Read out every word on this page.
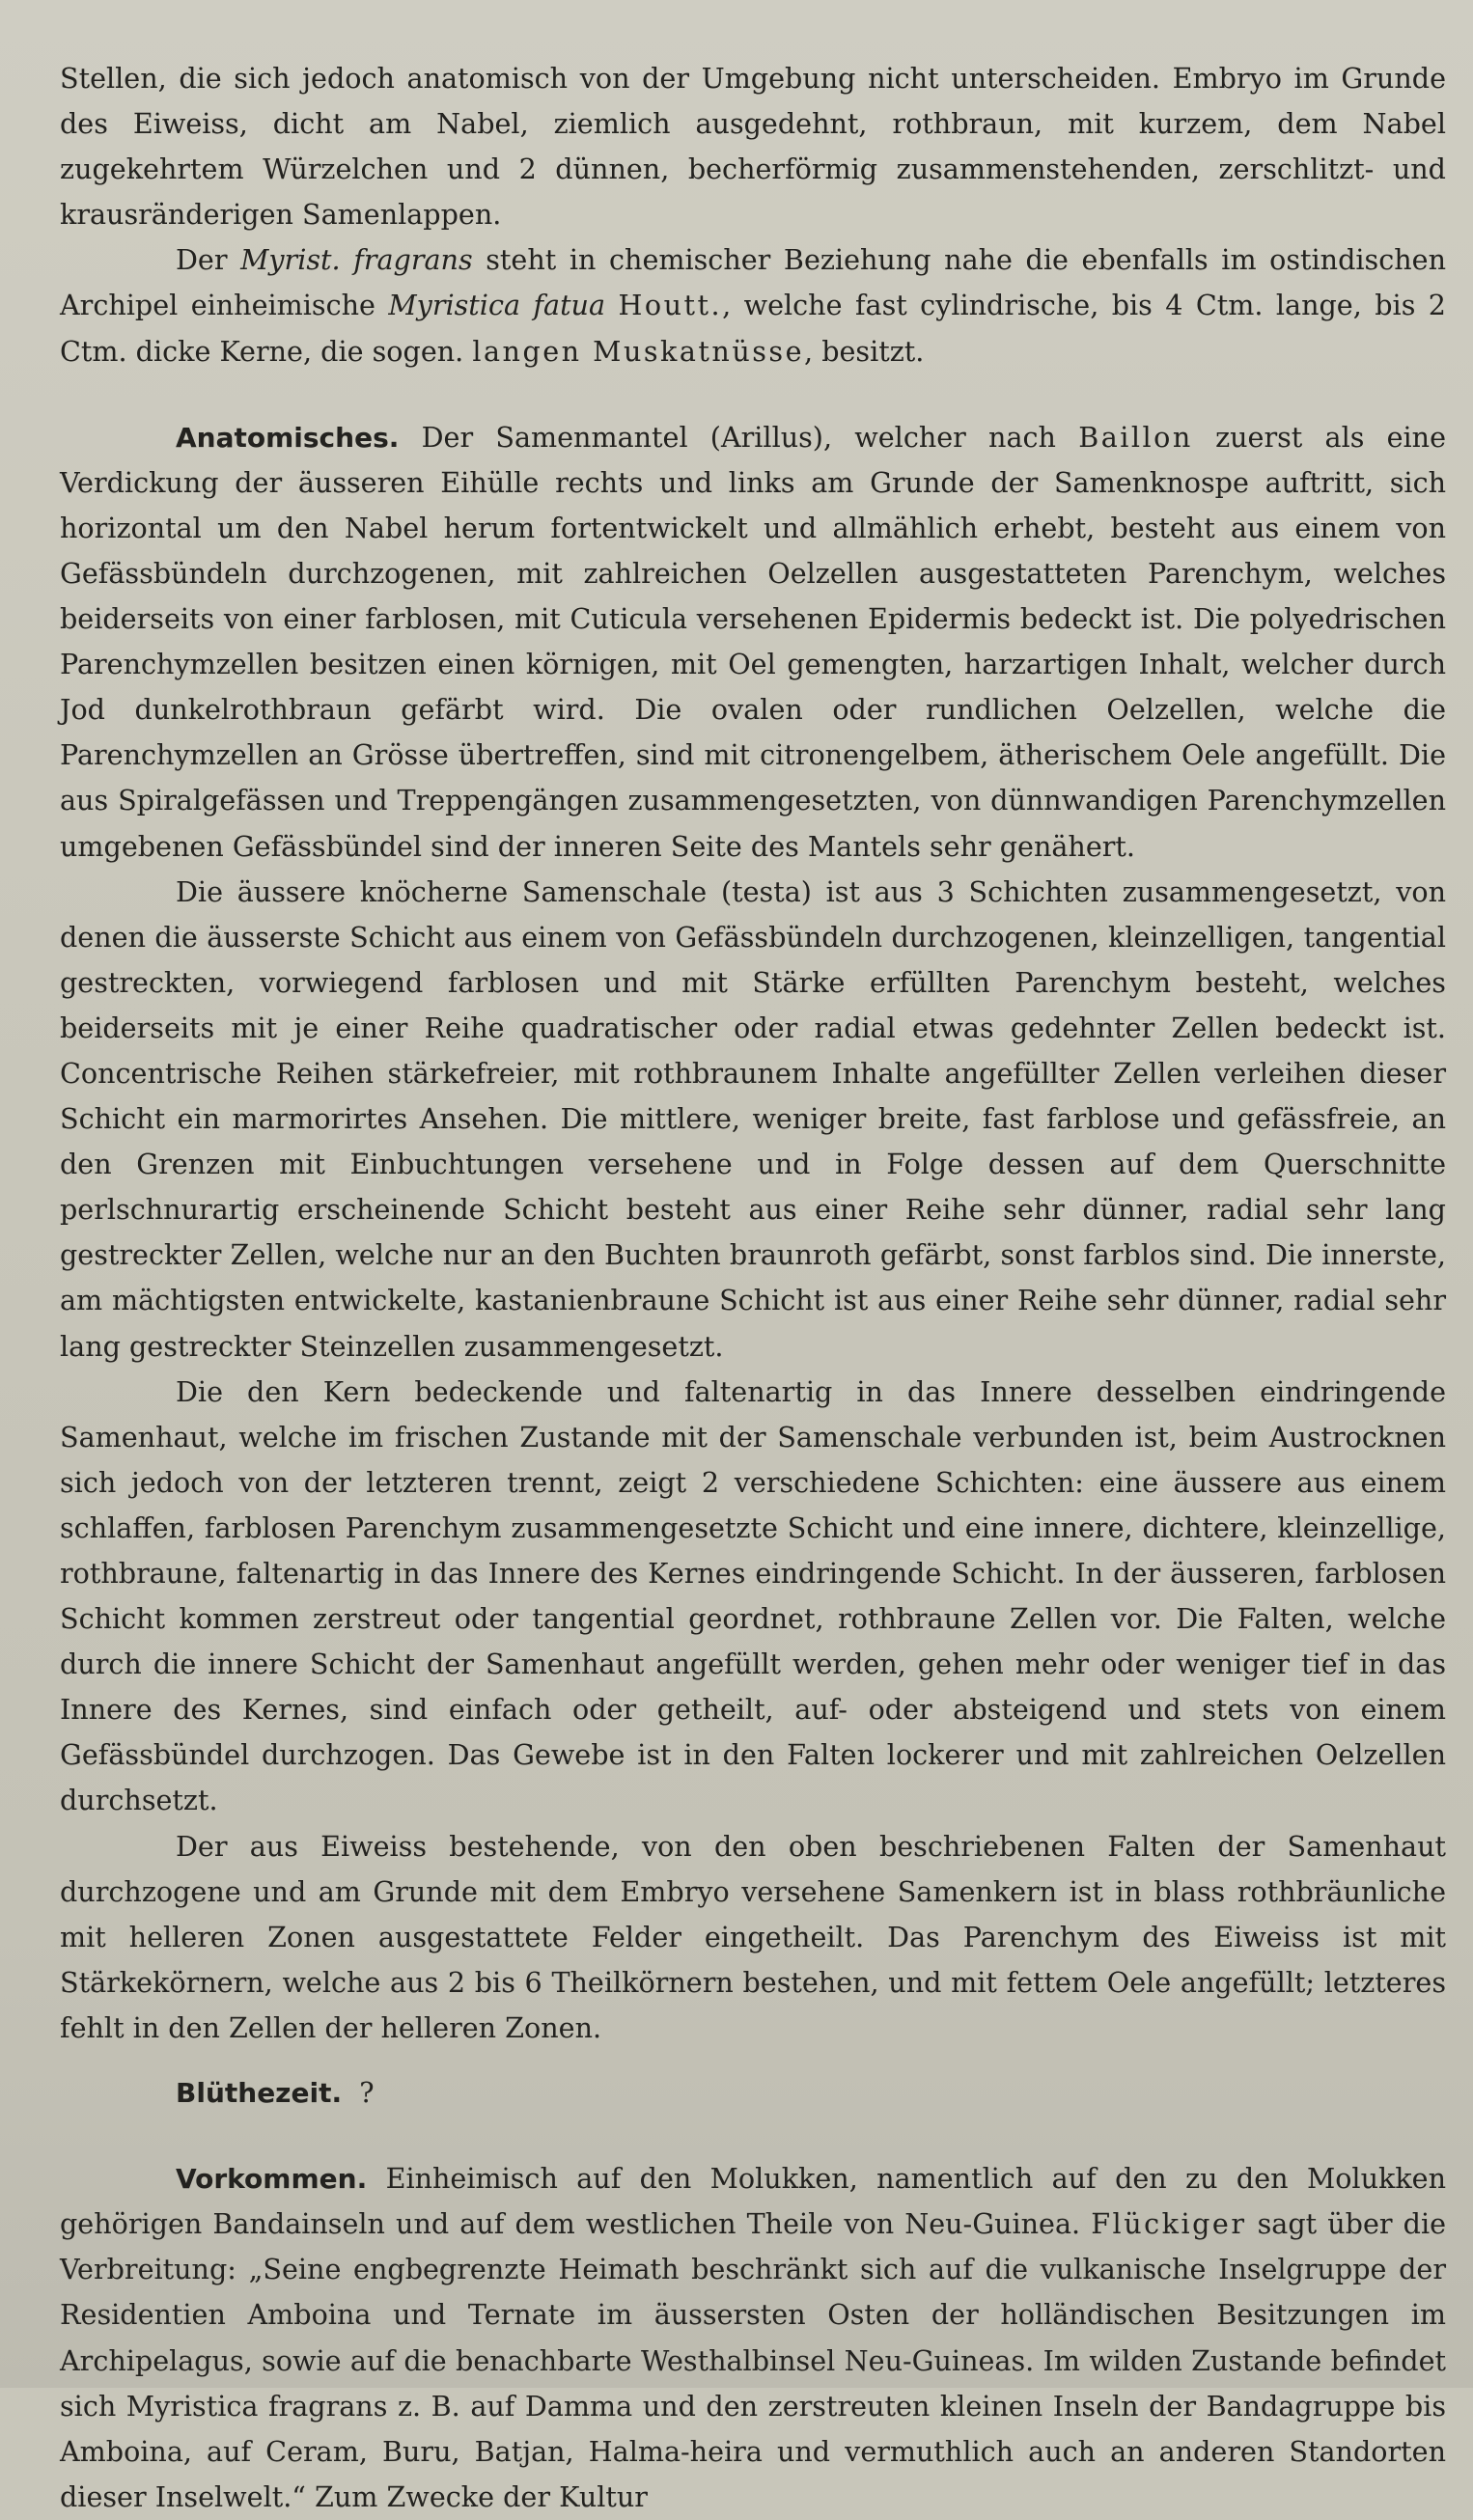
Stellen, die sich jedoch anatomisch von der Umgebung nicht unterscheiden. Embryo im Grunde des Eiweiss, dicht am Nabel, ziemlich ausgedehnt, rothbraun, mit kurzem, dem Nabel zugekehrtem Würzelchen und 2 dünnen, becherförmig zusammenstehenden, zerschlitzt- und krausränderigen Samenlappen.

Der Myrist. fragrans steht in chemischer Beziehung nahe die ebenfalls im ostindischen Archipel einheimische Myristica fatua Houtt., welche fast cylindrische, bis 4 Ctm. lange, bis 2 Ctm. dicke Kerne, die sogen. langen Muskatnüsse, besitzt.

Anatomisches. Der Samenmantel (Arillus), welcher nach Baillon zuerst als eine Verdickung der äusseren Eihülle rechts und links am Grunde der Samenknospe auftritt, sich horizontal um den Nabel herum fortentwickelt und allmählich erhebt, besteht aus einem von Gefässbündeln durchzogenen, mit zahlreichen Oelzellen ausgestatteten Parenchym, welches beiderseits von einer farblosen, mit Cuticula versehenen Epidermis bedeckt ist. Die polyedrischen Parenchymzellen besitzen einen körnigen, mit Oel gemengten, harzartigen Inhalt, welcher durch Jod dunkelrothbraun gefärbt wird. Die ovalen oder rundlichen Oelzellen, welche die Parenchymzellen an Grösse übertreffen, sind mit citronengelbem, ätherischem Oele angefüllt. Die aus Spiralgefässen und Treppengängen zusammengesetzten, von dünnwandigen Parenchymzellen umgebenen Gefässbündel sind der inneren Seite des Mantels sehr genähert.

Die äussere knöcherne Samenschale (testa) ist aus 3 Schichten zusammengesetzt, von denen die äusserste Schicht aus einem von Gefässbündeln durchzogenen, kleinzelligen, tangential gestreckten, vorwiegend farblosen und mit Stärke erfüllten Parenchym besteht, welches beiderseits mit je einer Reihe quadratischer oder radial etwas gedehnter Zellen bedeckt ist. Concentrische Reihen stärkefreier, mit rothbraunem Inhalte angefüllter Zellen verleihen dieser Schicht ein marmorirtes Ansehen. Die mittlere, weniger breite, fast farblose und gefässfreie, an den Grenzen mit Einbuchtungen versehene und in Folge dessen auf dem Querschnitte perlschnurartig erscheinende Schicht besteht aus einer Reihe sehr dünner, radial sehr lang gestreckter Zellen, welche nur an den Buchten braunroth gefärbt, sonst farblos sind. Die innerste, am mächtigsten entwickelte, kastanienbraune Schicht ist aus einer Reihe sehr dünner, radial sehr lang gestreckter Steinzellen zusammengesetzt.

Die den Kern bedeckende und faltenartig in das Innere desselben eindringende Samenhaut, welche im frischen Zustande mit der Samenschale verbunden ist, beim Austrocknen sich jedoch von der letzteren trennt, zeigt 2 verschiedene Schichten: eine äussere aus einem schlaffen, farblosen Parenchym zusammengesetzte Schicht und eine innere, dichtere, kleinzellige, rothbraune, faltenartig in das Innere des Kernes eindringende Schicht. In der äusseren, farblosen Schicht kommen zerstreut oder tangential geordnet, rothbraune Zellen vor. Die Falten, welche durch die innere Schicht der Samenhaut angefüllt werden, gehen mehr oder weniger tief in das Innere des Kernes, sind einfach oder getheilt, auf- oder absteigend und stets von einem Gefässbündel durchzogen. Das Gewebe ist in den Falten lockerer und mit zahlreichen Oelzellen durchsetzt.

Der aus Eiweiss bestehende, von den oben beschriebenen Falten der Samenhaut durchzogene und am Grunde mit dem Embryo versehene Samenkern ist in blass rothbräunliche mit helleren Zonen ausgestattete Felder eingetheilt. Das Parenchym des Eiweiss ist mit Stärkekörnern, welche aus 2 bis 6 Theilkörnern bestehen, und mit fettem Oele angefüllt; letzteres fehlt in den Zellen der helleren Zonen.

Blüthezeit. ?

Vorkommen. Einheimisch auf den Molukken, namentlich auf den zu den Molukken gehörigen Bandainseln und auf dem westlichen Theile von Neu-Guinea. Flückiger sagt über die Verbreitung: „Seine engbegrenzte Heimath beschränkt sich auf die vulkanische Inselgruppe der Residentien Amboina und Ternate im äussersten Osten der holländischen Besitzungen im Archipelagus, sowie auf die benachbarte Westhalbinsel Neu-Guineas. Im wilden Zustande befindet sich Myristica fragrans z. B. auf Damma und den zerstreuten kleinen Inseln der Bandagruppe bis Amboina, auf Ceram, Buru, Batjan, Halma-heira und vermuthlich auch an anderen Standorten dieser Inselwelt.“ Zum Zwecke der Kultur
